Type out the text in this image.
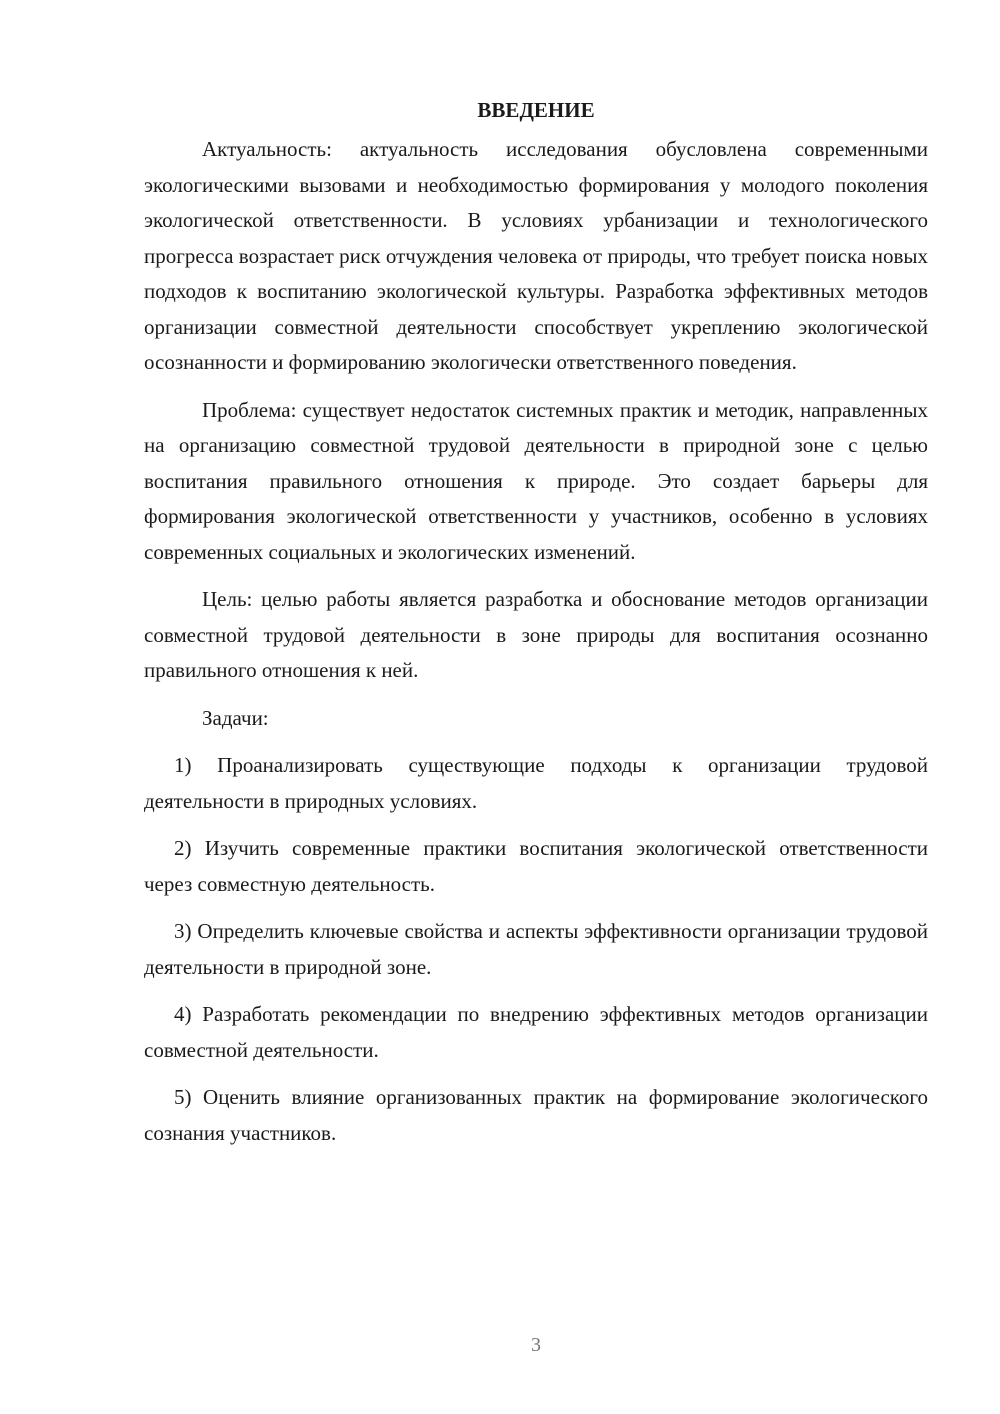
ВВЕДЕНИЕ

Актуальность: актуальность исследования обусловлена современными экологическими вызовами и необходимостью формирования у молодого поколения экологической ответственности. В условиях урбанизации и технологического прогресса возрастает риск отчуждения человека от природы, что требует поиска новых подходов к воспитанию экологической культуры. Разработка эффективных методов организации совместной деятельности способствует укреплению экологической осознанности и формированию экологически ответственного поведения.

Проблема: существует недостаток системных практик и методик, направленных на организацию совместной трудовой деятельности в природной зоне с целью воспитания правильного отношения к природе. Это создает барьеры для формирования экологической ответственности у участников, особенно в условиях современных социальных и экологических изменений.

Цель: целью работы является разработка и обоснование методов организации совместной трудовой деятельности в зоне природы для воспитания осознанно правильного отношения к ней.

Задачи:

1) Проанализировать существующие подходы к организации трудовой деятельности в природных условиях.

2) Изучить современные практики воспитания экологической ответственности через совместную деятельность.

3) Определить ключевые свойства и аспекты эффективности организации трудовой деятельности в природной зоне.

4) Разработать рекомендации по внедрению эффективных методов организации совместной деятельности.

5) Оценить влияние организованных практик на формирование экологического сознания участников.

3
